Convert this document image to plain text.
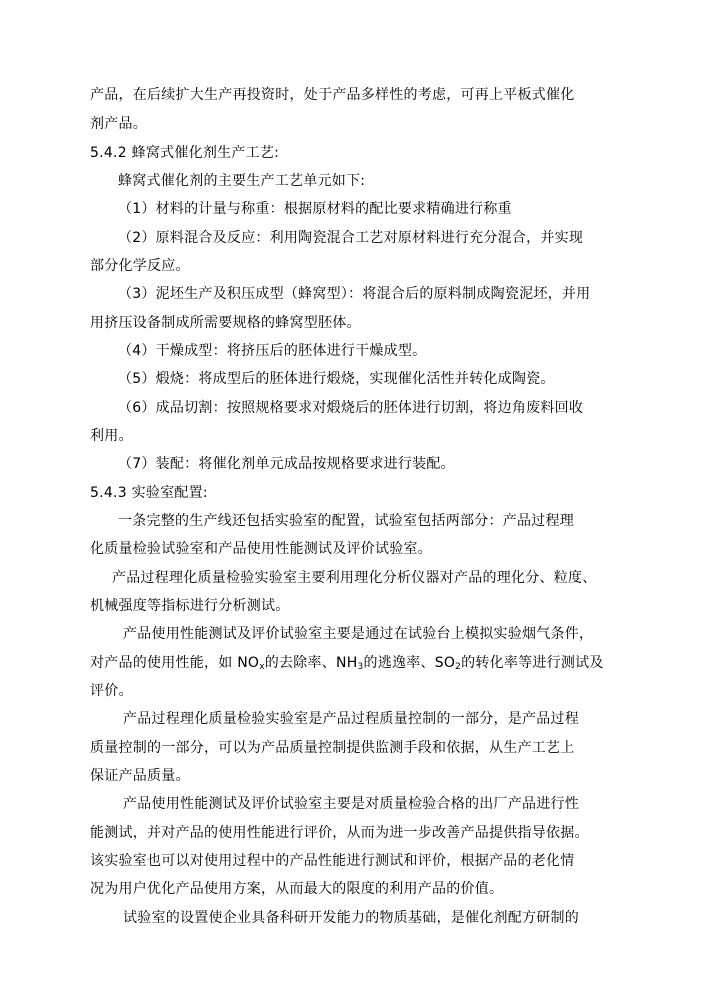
产品，在后续扩大生产再投资时，处于产品多样性的考虑，可再上平板式催化
剂产品。
5.4.2 蜂窝式催化剂生产工艺:
蜂窝式催化剂的主要生产工艺单元如下:
（1）材料的计量与称重：根据原材料的配比要求精确进行称重
（2）原料混合及反应：利用陶瓷混合工艺对原材料进行充分混合，并实现
部分化学反应。
（3）泥坯生产及积压成型（蜂窝型）：将混合后的原料制成陶瓷泥坯，并用
用挤压设备制成所需要规格的蜂窝型胚体。
（4）干燥成型：将挤压后的胚体进行干燥成型。
（5）煅烧：将成型后的胚体进行煅烧，实现催化活性并转化成陶瓷。
（6）成品切割：按照规格要求对煅烧后的胚体进行切割，将边角废料回收
利用。
（7）装配：将催化剂单元成品按规格要求进行装配。
5.4.3 实验室配置:
一条完整的生产线还包括实验室的配置，试验室包括两部分：产品过程理
化质量检验试验室和产品使用性能测试及评价试验室。
产品过程理化质量检验实验室主要利用理化分析仪器对产品的理化分、粒度、
机械强度等指标进行分析测试。
产品使用性能测试及评价试验室主要是通过在试验台上模拟实验烟气条件，
对产品的使用性能，如 $NO_x$的去除率、$NH_3$的逃逸率、$SO_2$的转化率等进行测试及
评价。
产品过程理化质量检验实验室是产品过程质量控制的一部分，是产品过程
质量控制的一部分，可以为产品质量控制提供监测手段和依据，从生产工艺上
保证产品质量。
产品使用性能测试及评价试验室主要是对质量检验合格的出厂产品进行性
能测试，并对产品的使用性能进行评价，从而为进一步改善产品提供指导依据。
该实验室也可以对使用过程中的产品性能进行测试和评价，根据产品的老化情
况为用户优化产品使用方案，从而最大的限度的利用产品的价值。
试验室的设置使企业具备科研开发能力的物质基础，是催化剂配方研制的
